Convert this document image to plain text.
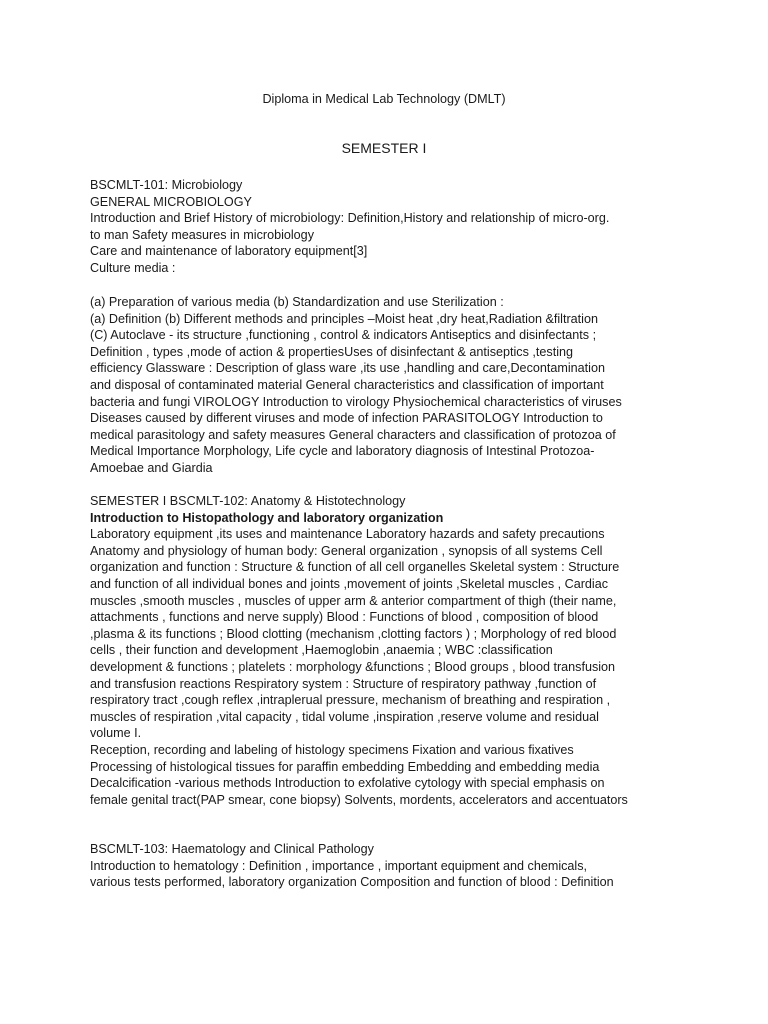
Diploma in Medical Lab Technology (DMLT)

SEMESTER I

BSCMLT-101: Microbiology
GENERAL MICROBIOLOGY
Introduction and Brief History of microbiology: Definition,History and relationship of micro-org.
to man Safety measures in microbiology
Care and maintenance of laboratory equipment[3]
Culture media :
(a) Preparation of various media (b) Standardization and use Sterilization :
(a) Definition (b) Different methods and principles –Moist heat ,dry heat,Radiation &filtration
(C) Autoclave - its structure ,functioning , control & indicators Antiseptics and disinfectants ;
Definition , types ,mode of action & propertiesUses of disinfectant & antiseptics ,testing
efficiency Glassware : Description of glass ware ,its use ,handling and care,Decontamination
and disposal of contaminated material General characteristics and classification of important
bacteria and fungi VIROLOGY Introduction to virology Physiochemical characteristics of viruses
Diseases caused by different viruses and mode of infection PARASITOLOGY Introduction to
medical parasitology and safety measures General characters and classification of protozoa of
Medical Importance Morphology, Life cycle and laboratory diagnosis of Intestinal Protozoa-
Amoebae and Giardia
SEMESTER I BSCMLT-102: Anatomy & Histotechnology
Introduction to Histopathology and laboratory organization
Laboratory equipment ,its uses and maintenance Laboratory hazards and safety precautions
Anatomy and physiology of human body: General organization , synopsis of all systems Cell
organization and function : Structure & function of all cell organelles Skeletal system : Structure
and function of all individual bones and joints ,movement of joints ,Skeletal muscles , Cardiac
muscles ,smooth muscles , muscles of upper arm & anterior compartment of thigh (their name,
attachments , functions and nerve supply) Blood : Functions of blood , composition of blood
,plasma & its functions ; Blood clotting (mechanism ,clotting factors ) ; Morphology of red blood
cells , their function and development ,Haemoglobin ,anaemia ; WBC :classification
development & functions ; platelets : morphology &functions ; Blood groups , blood transfusion
and transfusion reactions Respiratory system : Structure of respiratory pathway ,function of
respiratory tract ,cough reflex ,intraplerual pressure, mechanism of breathing and respiration ,
muscles of respiration ,vital capacity , tidal volume ,inspiration ,reserve volume and residual
volume I.
Reception, recording and labeling of histology specimens Fixation and various fixatives
Processing of histological tissues for paraffin embedding Embedding and embedding media
Decalcification -various methods Introduction to exfolative cytology with special emphasis on
female genital tract(PAP smear, cone biopsy) Solvents, mordents, accelerators and accentuators
BSCMLT-103: Haematology and Clinical Pathology
Introduction to hematology : Definition , importance , important equipment and chemicals,
various tests performed, laboratory organization Composition and function of blood : Definition
